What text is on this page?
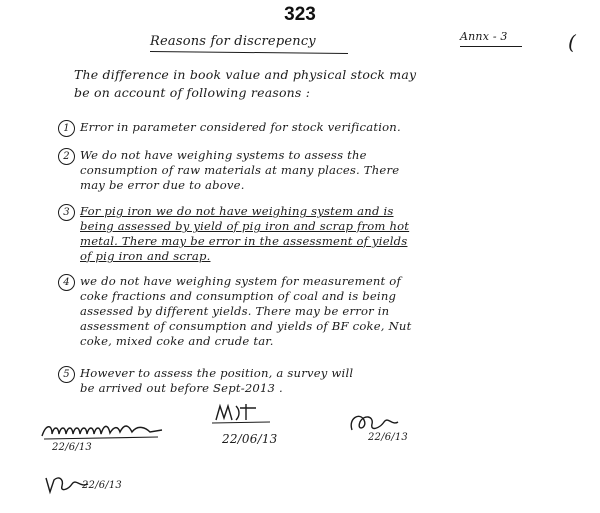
323
Reasons for discrepency	Annx - 3	(
The difference in book value and physical stock may
be on account of following reasons :
1 Error in parameter considered for stock verification.
2 We do not have weighing systems to assess the
consumption of raw materials at many places. There
may be error due to above.
3 For pig iron we do not have weighing system and is
being assessed by yield of pig iron and scrap from hot
metal. There may be error in the assessment of yields
of pig iron and scrap.
4 we do not have weighing system for measurement of
coke fractions and consumption of coal and is being
assessed by different yields. There may be error in
assessment of consumption and yields of BF coke, Nut
coke, mixed coke and crude tar.
5 However to assess the position, a survey will
be arrived out before Sept-2013 .
22/6/13
22/06/13	22/6/13
22/6/13
